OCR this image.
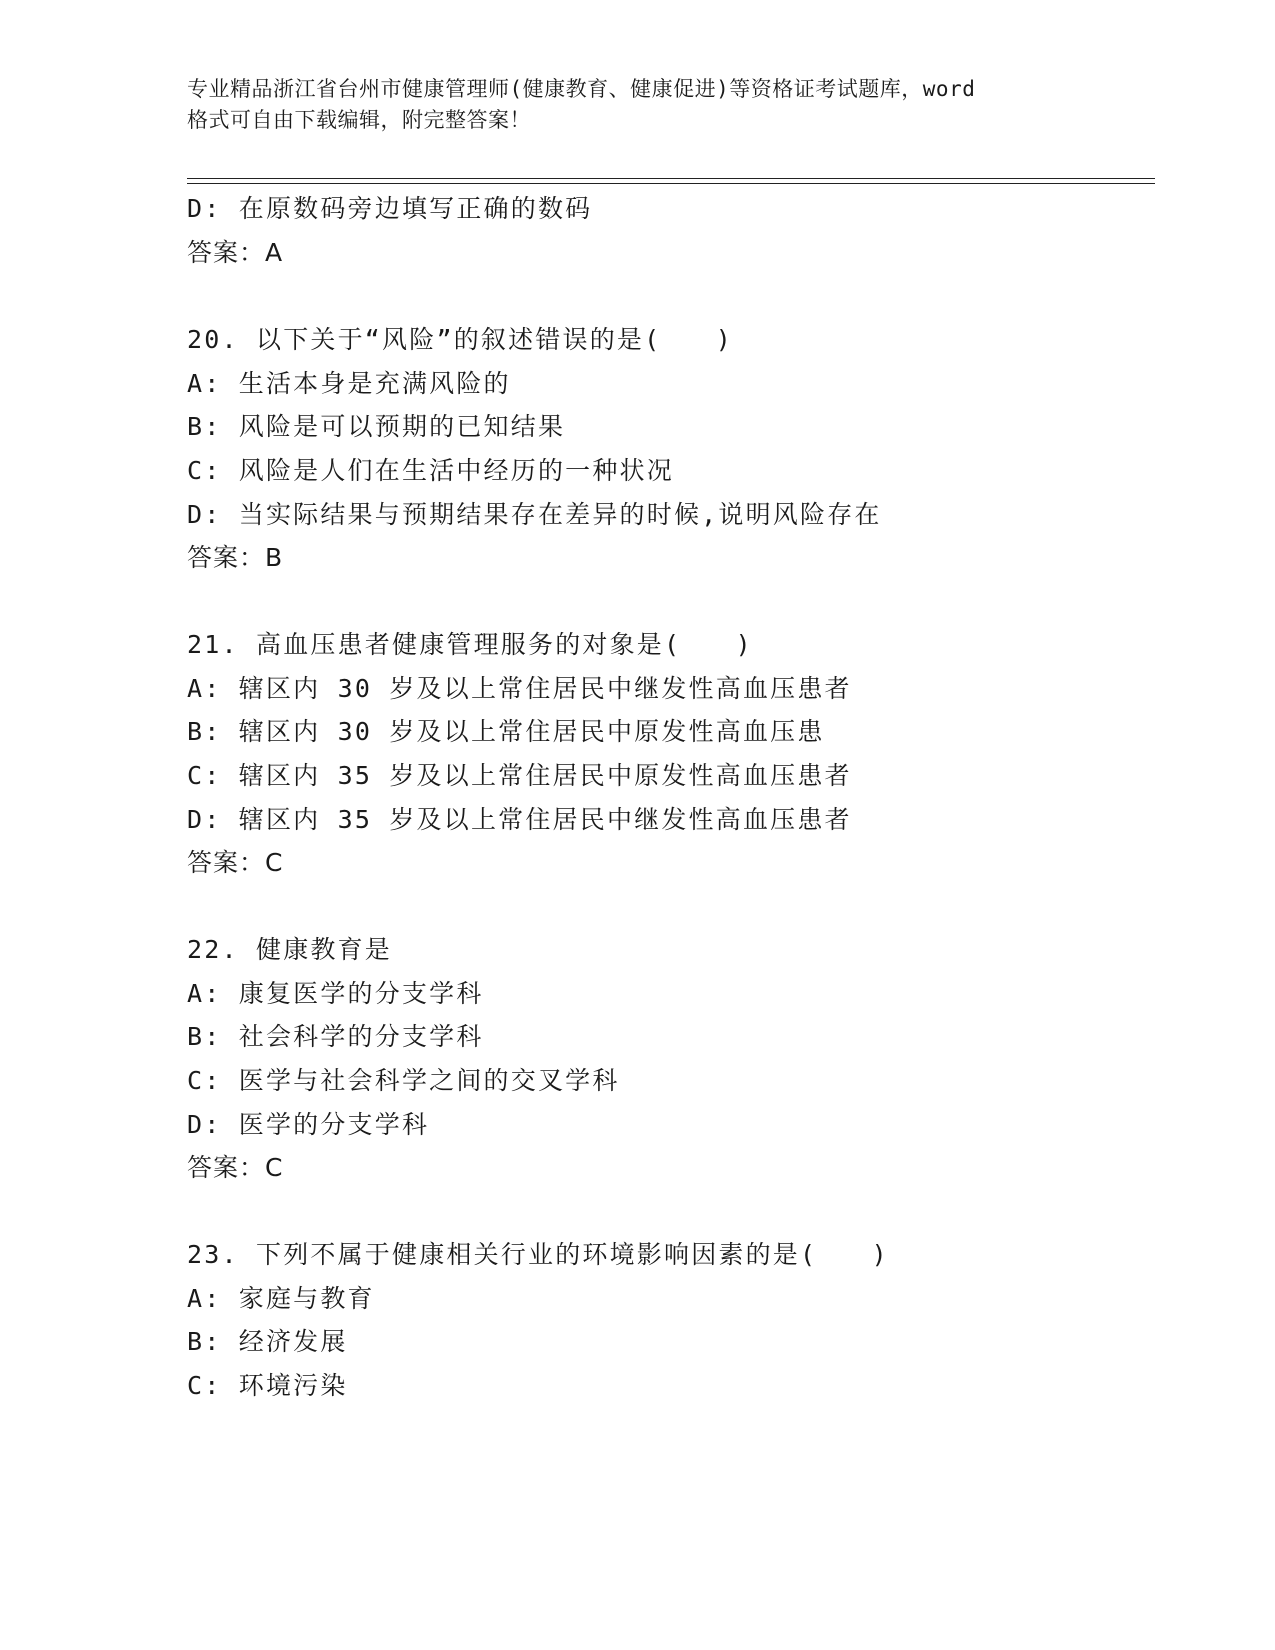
专业精品浙江省台州市健康管理师(健康教育、健康促进)等资格证考试题库，word
格式可自由下载编辑，附完整答案！
D: 在原数码旁边填写正确的数码
答案：A
20. 以下关于“风险”的叙述错误的是(　　)
A: 生活本身是充满风险的
B: 风险是可以预期的已知结果
C: 风险是人们在生活中经历的一种状况
D: 当实际结果与预期结果存在差异的时候,说明风险存在
答案：B
21. 高血压患者健康管理服务的对象是(　　)
A: 辖区内 30 岁及以上常住居民中继发性高血压患者
B: 辖区内 30 岁及以上常住居民中原发性高血压患
C: 辖区内 35 岁及以上常住居民中原发性高血压患者
D: 辖区内 35 岁及以上常住居民中继发性高血压患者
答案：C
22. 健康教育是
A: 康复医学的分支学科
B: 社会科学的分支学科
C: 医学与社会科学之间的交叉学科
D: 医学的分支学科
答案：C
23. 下列不属于健康相关行业的环境影响因素的是(　　)
A: 家庭与教育
B: 经济发展
C: 环境污染
